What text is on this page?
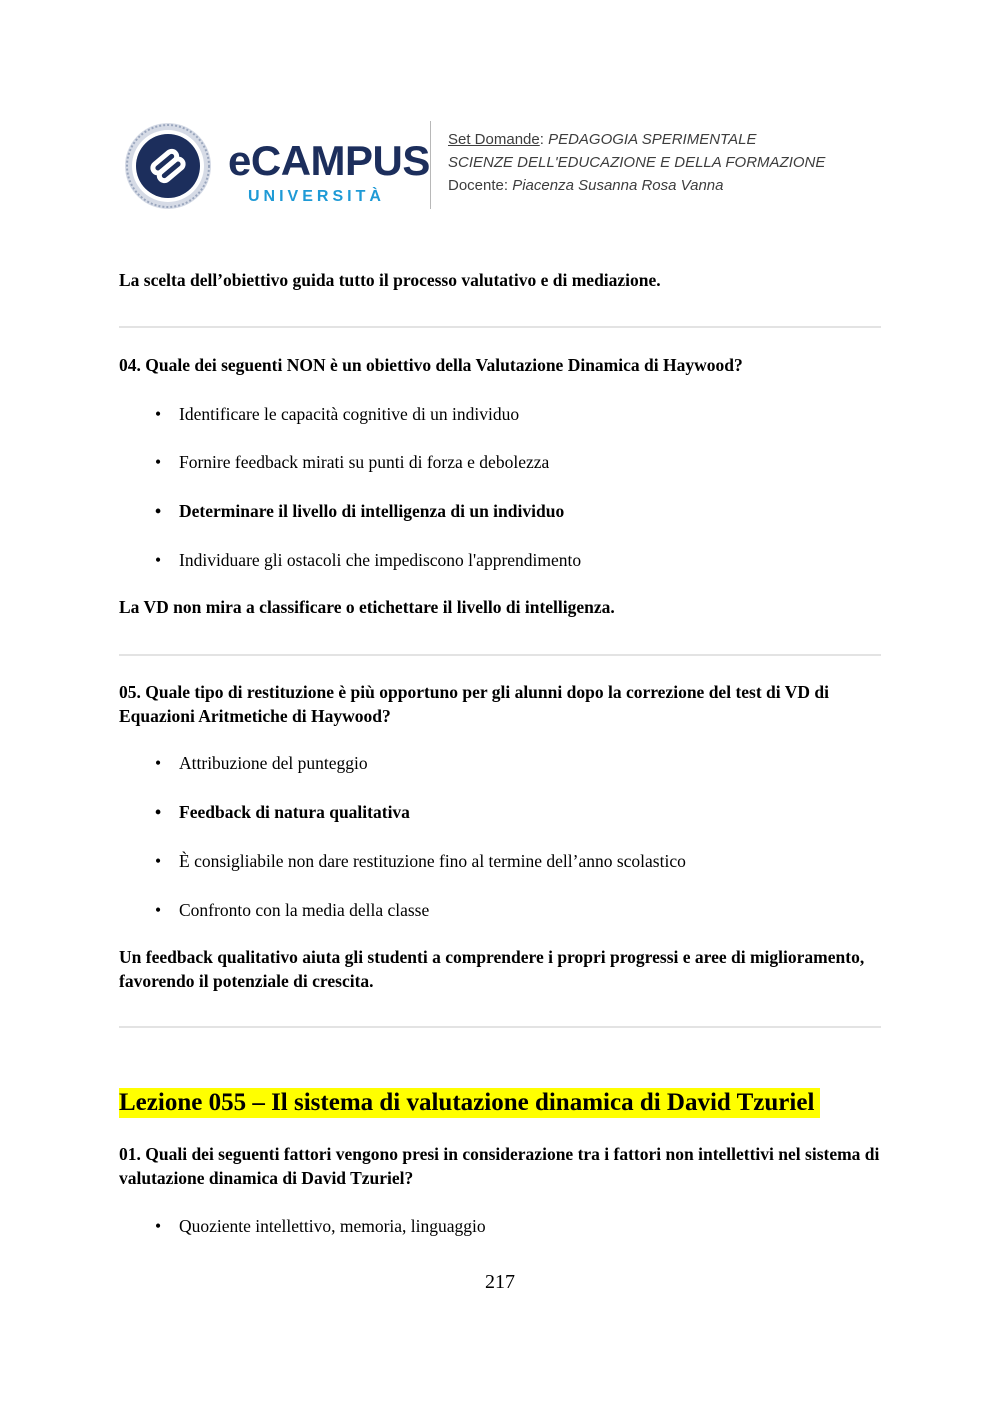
eCAMPUS
UNIVERSITÀ
Set Domande: PEDAGOGIA SPERIMENTALE
SCIENZE DELL'EDUCAZIONE E DELLA FORMAZIONE
Docente: Piacenza Susanna Rosa Vanna
La scelta dell’obiettivo guida tutto il processo valutativo e di mediazione.
04. Quale dei seguenti NON è un obiettivo della Valutazione Dinamica di Haywood?
• Identificare le capacità cognitive di un individuo
• Fornire feedback mirati su punti di forza e debolezza
• Determinare il livello di intelligenza di un individuo
• Individuare gli ostacoli che impediscono l'apprendimento
La VD non mira a classificare o etichettare il livello di intelligenza.
05. Quale tipo di restituzione è più opportuno per gli alunni dopo la correzione del test di VD di Equazioni Aritmetiche di Haywood?
• Attribuzione del punteggio
• Feedback di natura qualitativa
• È consigliabile non dare restituzione fino al termine dell’anno scolastico
• Confronto con la media della classe
Un feedback qualitativo aiuta gli studenti a comprendere i propri progressi e aree di miglioramento, favorendo il potenziale di crescita.
Lezione 055 – Il sistema di valutazione dinamica di David Tzuriel
01. Quali dei seguenti fattori vengono presi in considerazione tra i fattori non intellettivi nel sistema di valutazione dinamica di David Tzuriel?
• Quoziente intellettivo, memoria, linguaggio
217
